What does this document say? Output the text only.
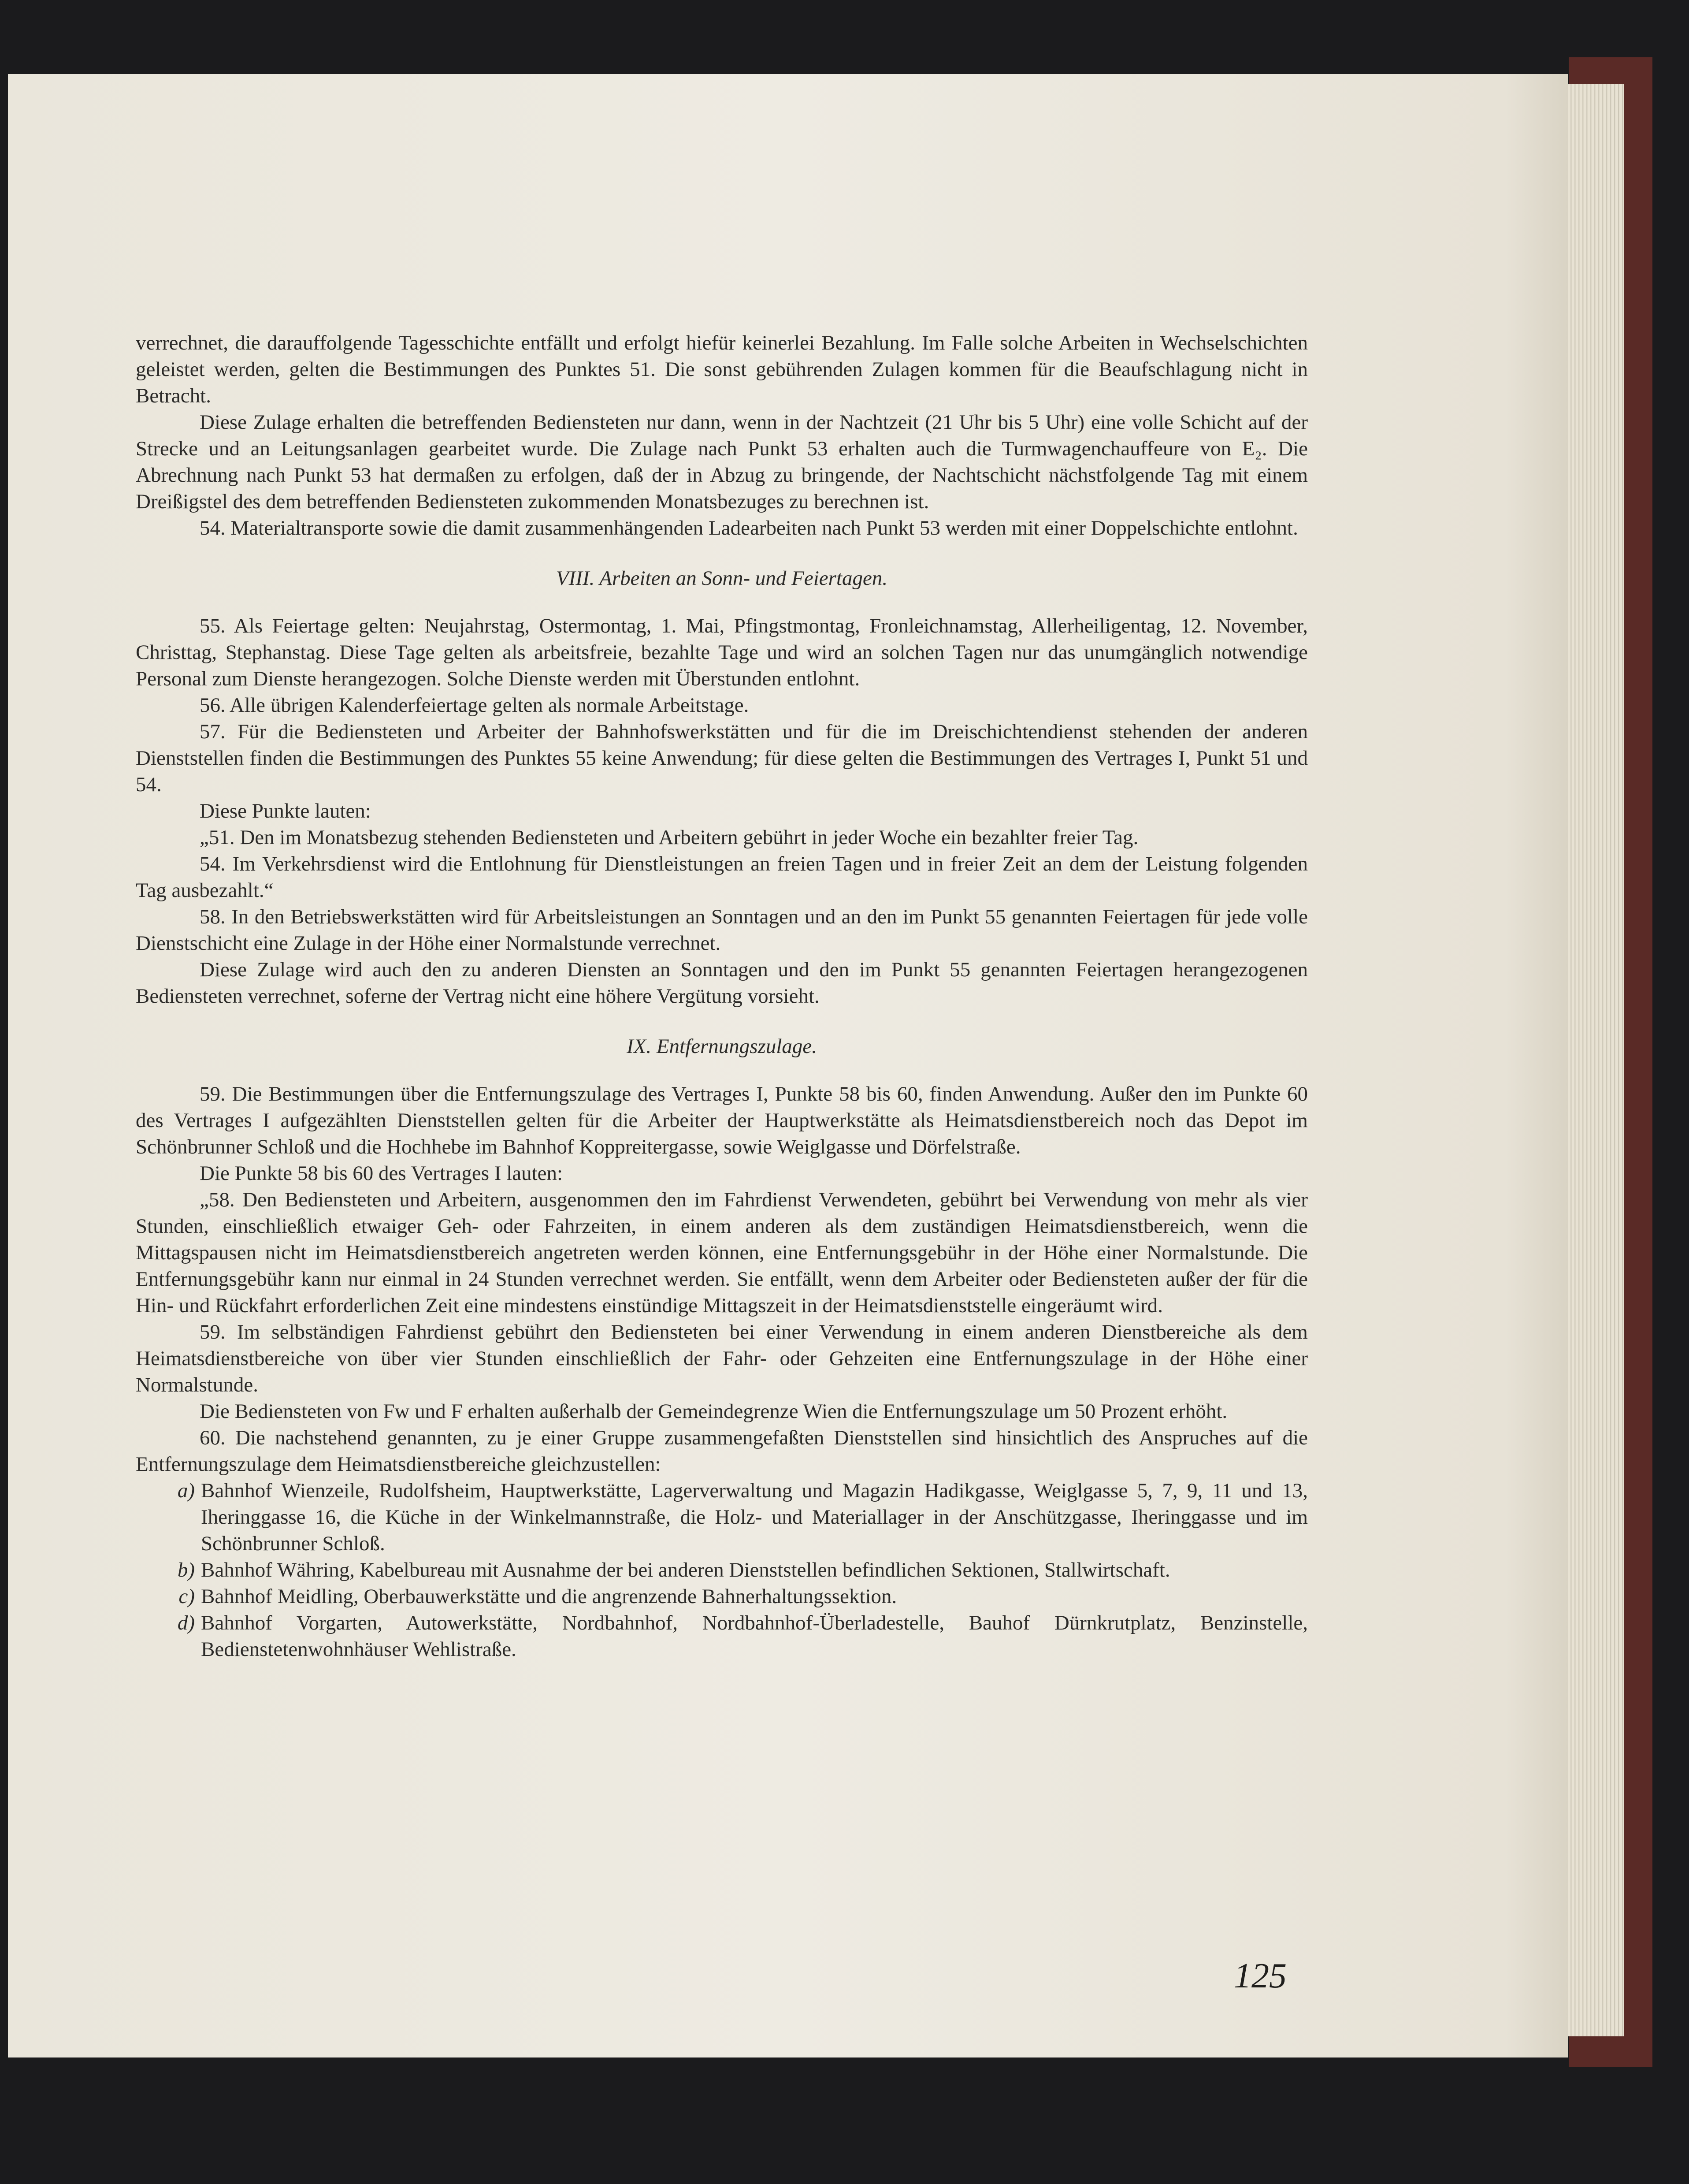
verrechnet, die darauffolgende Tagesschichte entfällt und erfolgt hiefür keinerlei Bezahlung. Im Falle solche Arbeiten in Wechselschichten geleistet werden, gelten die Bestimmungen des Punktes 51. Die sonst gebührenden Zulagen kommen für die Beaufschlagung nicht in Betracht.

Diese Zulage erhalten die betreffenden Bediensteten nur dann, wenn in der Nachtzeit (21 Uhr bis 5 Uhr) eine volle Schicht auf der Strecke und an Leitungsanlagen gearbeitet wurde. Die Zulage nach Punkt 53 erhalten auch die Turmwagenchauffeure von E₂. Die Abrechnung nach Punkt 53 hat dermaßen zu erfolgen, daß der in Abzug zu bringende, der Nachtschicht nächstfolgende Tag mit einem Dreißigstel des dem betreffenden Bediensteten zukommenden Monatsbezuges zu berechnen ist.

54. Materialtransporte sowie die damit zusammenhängenden Ladearbeiten nach Punkt 53 werden mit einer Doppelschichte entlohnt.

VIII. Arbeiten an Sonn- und Feiertagen.

55. Als Feiertage gelten: Neujahrstag, Ostermontag, 1. Mai, Pfingstmontag, Fronleichnamstag, Allerheiligentag, 12. November, Christtag, Stephanstag. Diese Tage gelten als arbeitsfreie, bezahlte Tage und wird an solchen Tagen nur das unumgänglich notwendige Personal zum Dienste herangezogen. Solche Dienste werden mit Überstunden entlohnt.

56. Alle übrigen Kalenderfeiertage gelten als normale Arbeitstage.

57. Für die Bediensteten und Arbeiter der Bahnhofswerkstätten und für die im Dreischichtendienst stehenden der anderen Dienststellen finden die Bestimmungen des Punktes 55 keine Anwendung; für diese gelten die Bestimmungen des Vertrages I, Punkt 51 und 54.

Diese Punkte lauten:

„51. Den im Monatsbezug stehenden Bediensteten und Arbeitern gebührt in jeder Woche ein bezahlter freier Tag.

54. Im Verkehrsdienst wird die Entlohnung für Dienstleistungen an freien Tagen und in freier Zeit an dem der Leistung folgenden Tag ausbezahlt.“

58. In den Betriebswerkstätten wird für Arbeitsleistungen an Sonntagen und an den im Punkt 55 genannten Feiertagen für jede volle Dienstschicht eine Zulage in der Höhe einer Normalstunde verrechnet.

Diese Zulage wird auch den zu anderen Diensten an Sonntagen und den im Punkt 55 genannten Feiertagen herangezogenen Bediensteten verrechnet, soferne der Vertrag nicht eine höhere Vergütung vorsieht.

IX. Entfernungszulage.

59. Die Bestimmungen über die Entfernungszulage des Vertrages I, Punkte 58 bis 60, finden Anwendung. Außer den im Punkte 60 des Vertrages I aufgezählten Dienststellen gelten für die Arbeiter der Hauptwerkstätte als Heimatsdienstbereich noch das Depot im Schönbrunner Schloß und die Hochhebe im Bahnhof Koppreitergasse, sowie Weiglgasse und Dörfelstraße.

Die Punkte 58 bis 60 des Vertrages I lauten:

„58. Den Bediensteten und Arbeitern, ausgenommen den im Fahrdienst Verwendeten, gebührt bei Verwendung von mehr als vier Stunden, einschließlich etwaiger Geh- oder Fahrzeiten, in einem anderen als dem zuständigen Heimatsdienstbereich, wenn die Mittagspausen nicht im Heimatsdienstbereich angetreten werden können, eine Entfernungsgebühr in der Höhe einer Normalstunde. Die Entfernungsgebühr kann nur einmal in 24 Stunden verrechnet werden. Sie entfällt, wenn dem Arbeiter oder Bediensteten außer der für die Hin- und Rückfahrt erforderlichen Zeit eine mindestens einstündige Mittagszeit in der Heimatsdienststelle eingeräumt wird.

59. Im selbständigen Fahrdienst gebührt den Bediensteten bei einer Verwendung in einem anderen Dienstbereiche als dem Heimatsdienstbereiche von über vier Stunden einschließlich der Fahr- oder Gehzeiten eine Entfernungszulage in der Höhe einer Normalstunde.

Die Bediensteten von Fw und F erhalten außerhalb der Gemeindegrenze Wien die Entfernungszulage um 50 Prozent erhöht.

60. Die nachstehend genannten, zu je einer Gruppe zusammengefaßten Dienststellen sind hinsichtlich des Anspruches auf die Entfernungszulage dem Heimatsdienstbereiche gleichzustellen:

a) Bahnhof Wienzeile, Rudolfsheim, Hauptwerkstätte, Lagerverwaltung und Magazin Hadikgasse, Weiglgasse 5, 7, 9, 11 und 13, Iheringgasse 16, die Küche in der Winkelmannstraße, die Holz- und Materiallager in der Anschützgasse, Iheringgasse und im Schönbrunner Schloß.
b) Bahnhof Währing, Kabelbureau mit Ausnahme der bei anderen Dienststellen befindlichen Sektionen, Stallwirtschaft.
c) Bahnhof Meidling, Oberbauwerkstätte und die angrenzende Bahnerhaltungssektion.
d) Bahnhof Vorgarten, Autowerkstätte, Nordbahnhof, Nordbahnhof-Überladestelle, Bauhof Dürnkrutplatz, Benzinstelle, Bedienstetenwohnhäuser Wehlistraße.
125
